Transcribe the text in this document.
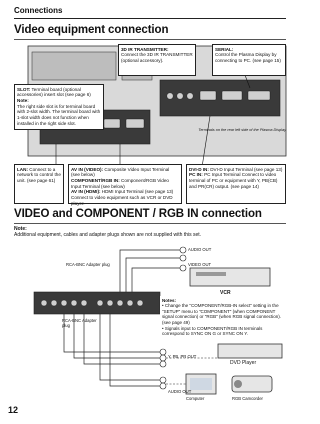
Connections
Video equipment connection
3D IR TRANSMITTER:
Connect the 3D IR TRANSMITTER (optional accessory).
SERIAL:
Control the Plasma Display by connecting to PC. (see page 15)
SLOT: Terminal board (optional accessories) insert slot (see page 6)
Note:
The right side slot is for terminal board with 2-slot width. The terminal board with 1-slot width does not function when installed in the right side slot.
Terminals on the rear left side of the Plasma Display
LAN: Connect to a network to control the unit. (see page 61)
AV IN (VIDEO): Composite Video Input Terminal (see below)
COMPONENT/RGB IN: Component/RGB Video Input Terminal (see below)
AV IN (HDMI): HDMI Input Terminal (see page 13) Connect to video equipment such as VCR or DVD player.
DVI-D IN: DVI-D Input Terminal (see page 13)
PC IN: PC Input Terminal Connect to video terminal of PC or equipment with Y, PB(CB) and PR(CR) output. (see page 14)
VIDEO and COMPONENT / RGB IN connection
Note:
Additional equipment, cables and adapter plugs shown are not supplied with this set.
AUDIO OUT
VIDEO OUT
VCR
RCA-BNC Adapter plug
RCA-BNC Adapter plug
Notes:
• Change the "COMPONENT/RGB-IN select" setting in the "SETUP" menu to "COMPONENT" (when COMPONENT signal connection) or "RGB" (when RGB signal connection). (see page 49)
• Signals input to COMPONENT/RGB IN terminals correspond to SYNC ON G or SYNC ON Y.
Y, PB, PR OUT
AUDIO OUT
DVD Player
Computer	RGB Camcorder
12
